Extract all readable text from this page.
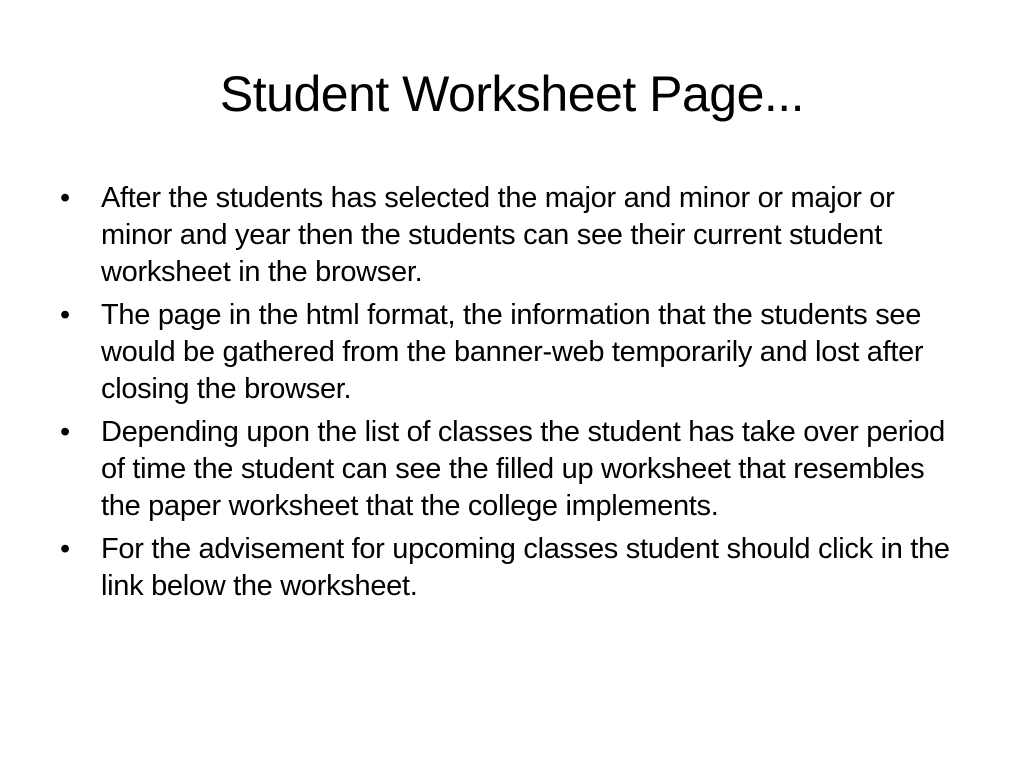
Student Worksheet Page...
•	After the students has selected the major and minor or major or minor and year then the students can see their current student worksheet in the browser.
•	The page in the html format, the information that the students see would be gathered from the banner-web temporarily and lost after closing the browser.
•	Depending upon the list of classes the student has take over period of time the student can see the filled up worksheet that resembles the paper worksheet that the college implements.
•	For the advisement for upcoming classes student should click in the link below the worksheet.
